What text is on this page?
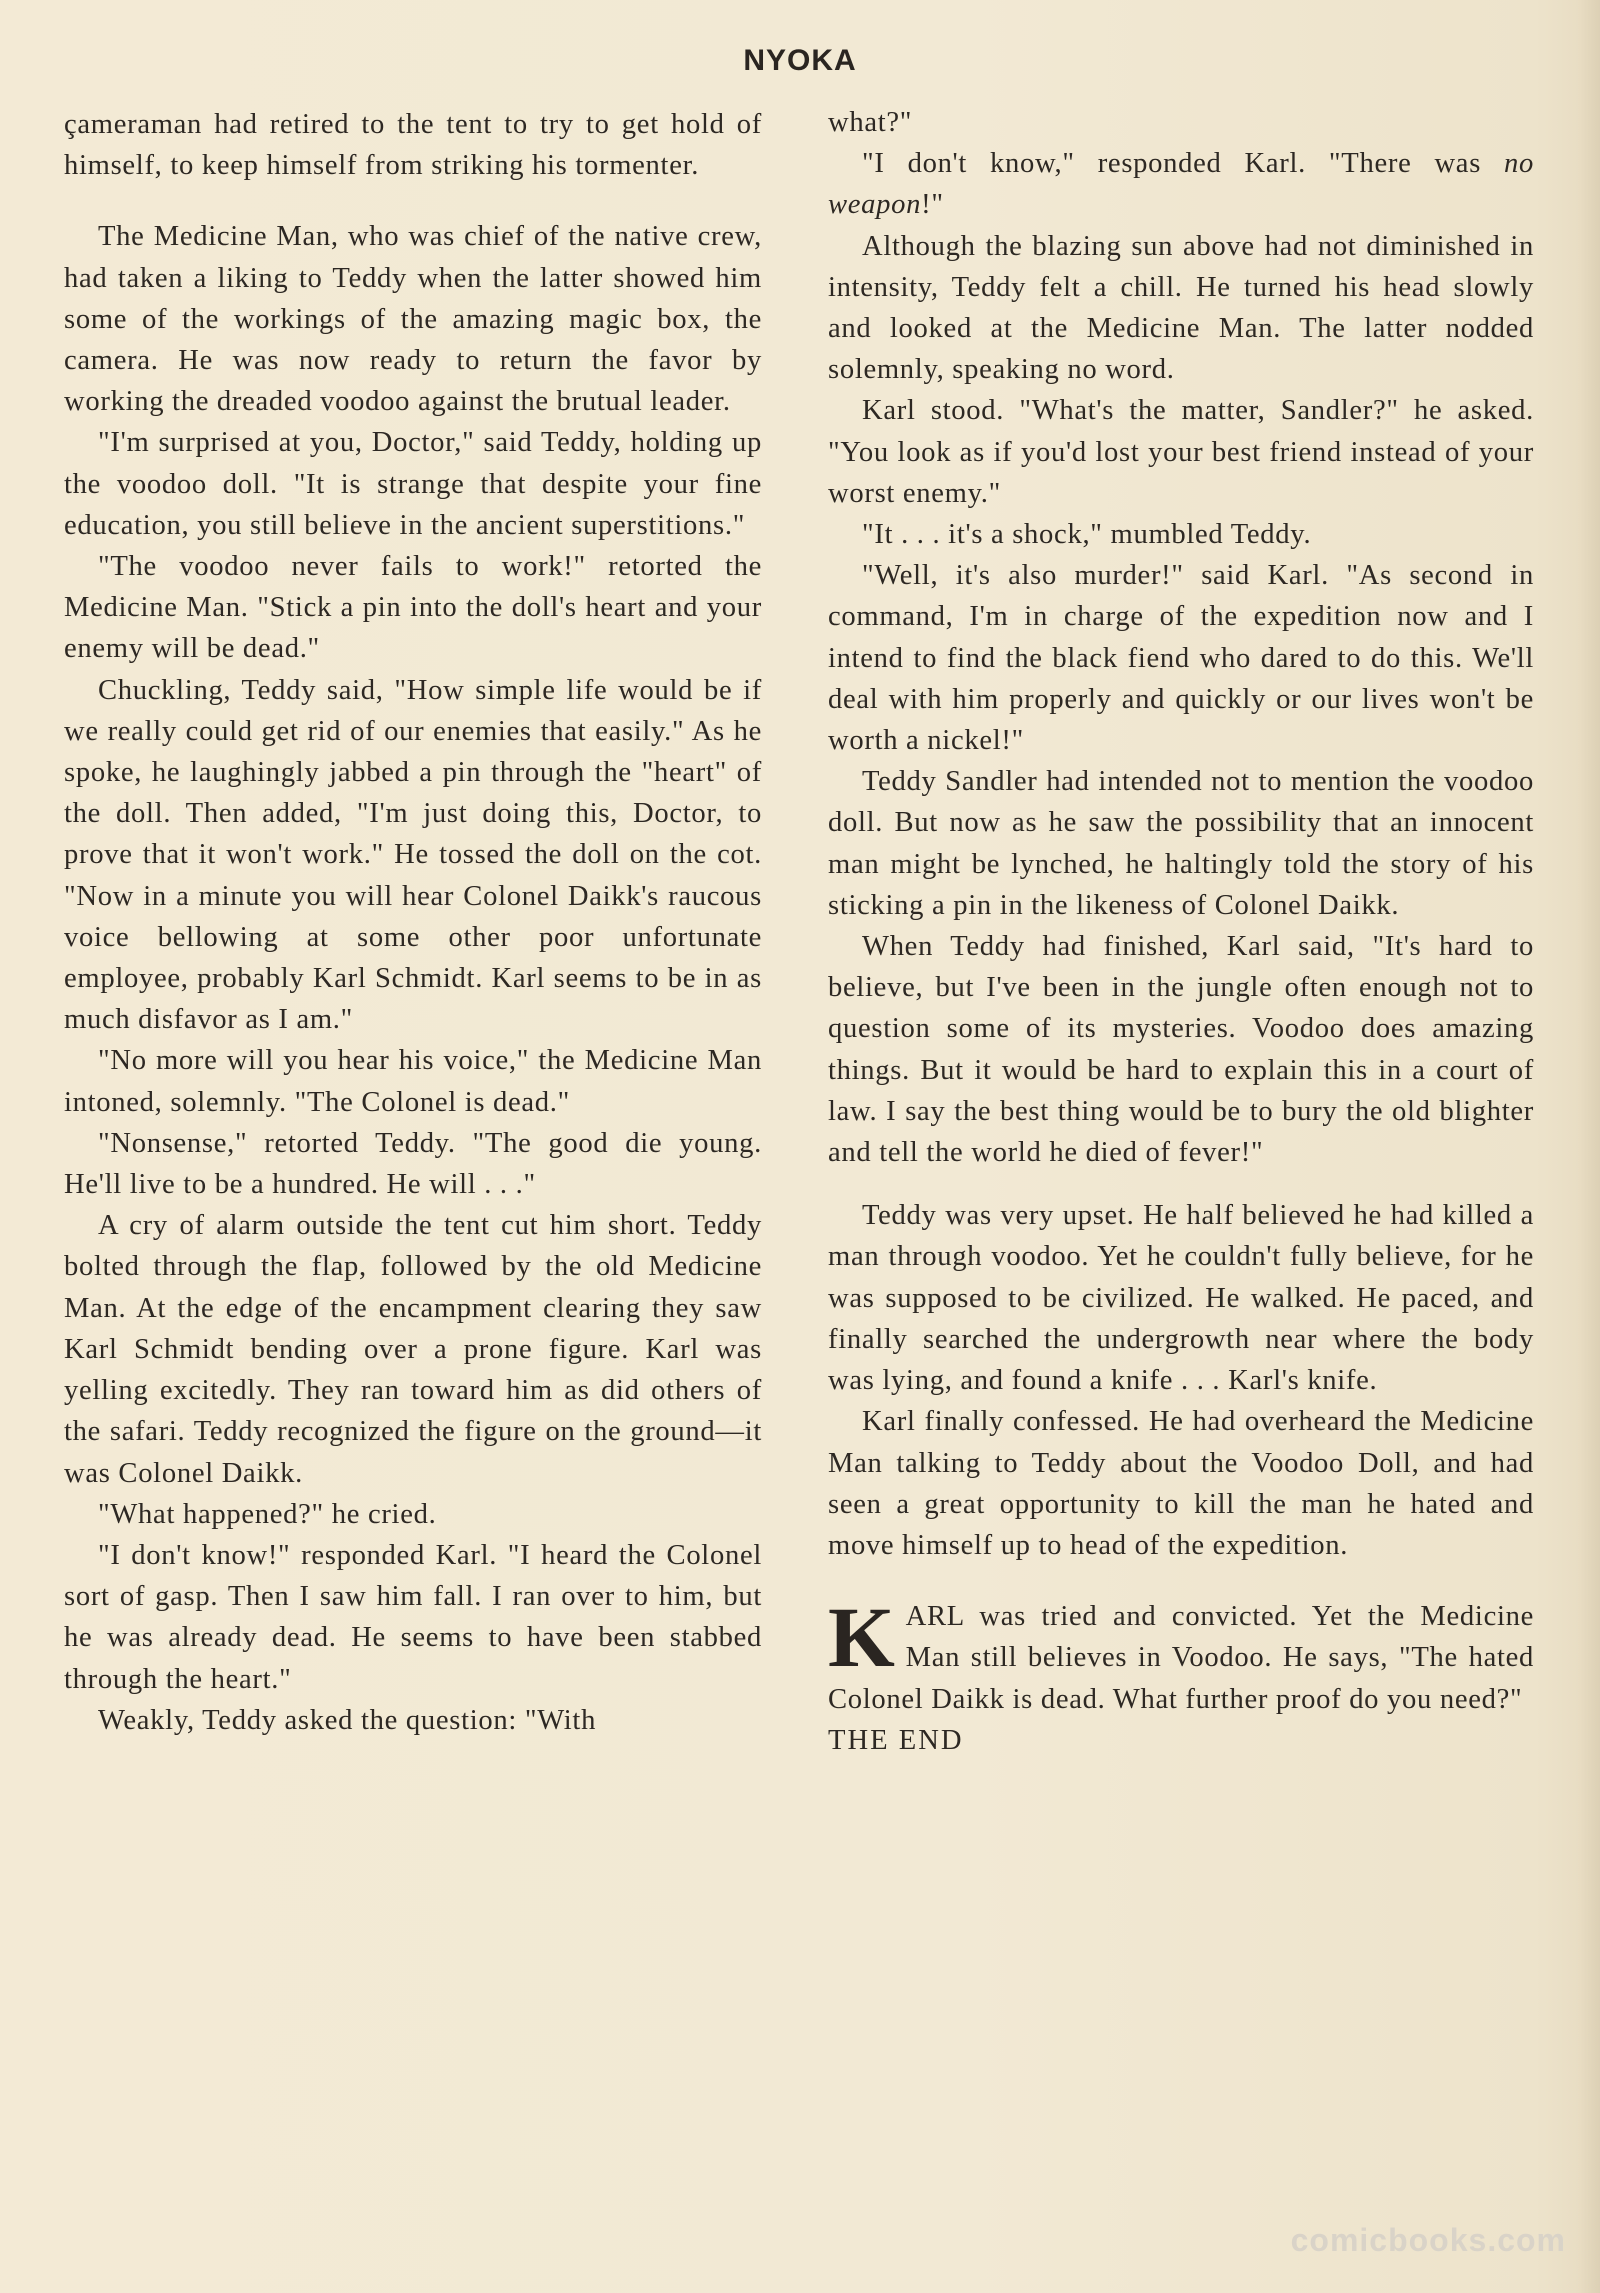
NYOKA

çameraman had retired to the tent to try to get hold of himself, to keep himself from striking his tormenter.

The Medicine Man, who was chief of the native crew, had taken a liking to Teddy when the latter showed him some of the workings of the amazing magic box, the camera. He was now ready to return the favor by working the dreaded voodoo against the brutual leader.

"I'm surprised at you, Doctor," said Teddy, holding up the voodoo doll. "It is strange that despite your fine education, you still believe in the ancient superstitions."

"The voodoo never fails to work!" retorted the Medicine Man. "Stick a pin into the doll's heart and your enemy will be dead."

Chuckling, Teddy said, "How simple life would be if we really could get rid of our enemies that easily." As he spoke, he laughingly jabbed a pin through the "heart" of the doll. Then added, "I'm just doing this, Doctor, to prove that it won't work." He tossed the doll on the cot. "Now in a minute you will hear Colonel Daikk's raucous voice bellowing at some other poor unfortunate employee, probably Karl Schmidt. Karl seems to be in as much disfavor as I am."

"No more will you hear his voice," the Medicine Man intoned, solemnly. "The Colonel is dead."

"Nonsense," retorted Teddy. "The good die young. He'll live to be a hundred. He will . . ."

A cry of alarm outside the tent cut him short. Teddy bolted through the flap, followed by the old Medicine Man. At the edge of the encampment clearing they saw Karl Schmidt bending over a prone figure. Karl was yelling excitedly. They ran toward him as did others of the safari. Teddy recognized the figure on the ground—it was Colonel Daikk.

"What happened?" he cried.

"I don't know!" responded Karl. "I heard the Colonel sort of gasp. Then I saw him fall. I ran over to him, but he was already dead. He seems to have been stabbed through the heart."

Weakly, Teddy asked the question: "With

what?"

"I don't know," responded Karl. "There was no weapon!"

Although the blazing sun above had not diminished in intensity, Teddy felt a chill. He turned his head slowly and looked at the Medicine Man. The latter nodded solemnly, speaking no word.

Karl stood. "What's the matter, Sandler?" he asked. "You look as if you'd lost your best friend instead of your worst enemy."

"It . . . it's a shock," mumbled Teddy.

"Well, it's also murder!" said Karl. "As second in command, I'm in charge of the expedition now and I intend to find the black fiend who dared to do this. We'll deal with him properly and quickly or our lives won't be worth a nickel!"

Teddy Sandler had intended not to mention the voodoo doll. But now as he saw the possibility that an innocent man might be lynched, he haltingly told the story of his sticking a pin in the likeness of Colonel Daikk.

When Teddy had finished, Karl said, "It's hard to believe, but I've been in the jungle often enough not to question some of its mysteries. Voodoo does amazing things. But it would be hard to explain this in a court of law. I say the best thing would be to bury the old blighter and tell the world he died of fever!"

Teddy was very upset. He half believed he had killed a man through voodoo. Yet he couldn't fully believe, for he was supposed to be civilized. He walked. He paced, and finally searched the undergrowth near where the body was lying, and found a knife . . . Karl's knife.

Karl finally confessed. He had overheard the Medicine Man talking to Teddy about the Voodoo Doll, and had seen a great opportunity to kill the man he hated and move himself up to head of the expedition.

KARL was tried and convicted. Yet the Medicine Man still believes in Voodoo. He says, "The hated Colonel Daikk is dead. What further proof do you need?"

THE END

comicbooks.com
